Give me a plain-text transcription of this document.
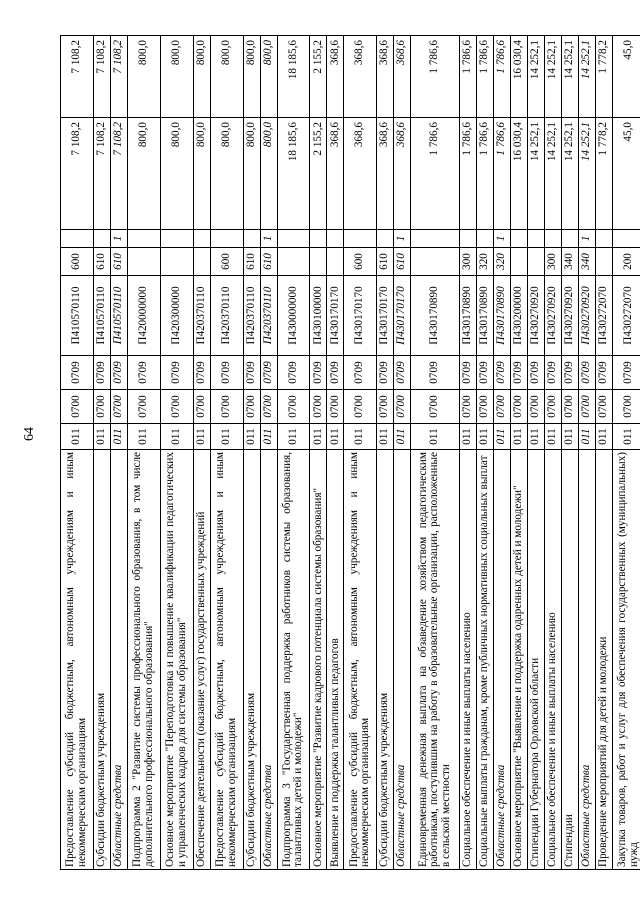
64
Предоставление субсидий бюджетным, автономным учреждениям и иным некоммерческим организациям	011	0700	0709	П410570110	600		7 108,2	7 108,2
Субсидии бюджетным учреждениям	011	0700	0709	П410570110	610		7 108,2	7 108,2
Областные средства	011	0700	0709	П410570110	610	1	7 108,2	7 108,2
Подпрограмма 2 "Развитие системы профессионального образования, в том числе дополнительного профессионального образования"	011	0700	0709	П420000000			800,0	800,0
Основное мероприятие "Переподготовка и повышение квалификации педагогических и управленческих кадров для системы образования"	011	0700	0709	П420300000			800,0	800,0
Обеспечение деятельности (оказание услуг) государственных учреждений	011	0700	0709	П420370110			800,0	800,0
Предоставление субсидий бюджетным, автономным учреждениям и иным некоммерческим организациям	011	0700	0709	П420370110	600		800,0	800,0
Субсидии бюджетным учреждениям	011	0700	0709	П420370110	610		800,0	800,0
Областные средства	011	0700	0709	П420370110	610	1	800,0	800,0
Подпрограмма 3 "Государственная поддержка работников системы образования, талантливых детей и молодежи"	011	0700	0709	П430000000			18 185,6	18 185,6
Основное мероприятие "Развитие кадрового потенциала системы образования"	011	0700	0709	П430100000			2 155,2	2 155,2
Выявление и поддержка талантливых педагогов	011	0700	0709	П430170170			368,6	368,6
Предоставление субсидий бюджетным, автономным учреждениям и иным некоммерческим организациям	011	0700	0709	П430170170	600		368,6	368,6
Субсидии бюджетным учреждениям	011	0700	0709	П430170170	610		368,6	368,6
Областные средства	011	0700	0709	П430170170	610	1	368,6	368,6
Единовременная денежная выплата на обзаведение хозяйством педагогическим работникам, поступившим на работу в образовательные организации, расположенные в сельской местности	011	0700	0709	П430170890			1 786,6	1 786,6
Социальное обеспечение и иные выплаты населению	011	0700	0709	П430170890	300		1 786,6	1 786,6
Социальные выплаты гражданам, кроме публичных нормативных социальных выплат	011	0700	0709	П430170890	320		1 786,6	1 786,6
Областные средства	011	0700	0709	П430170890	320	1	1 786,6	1 786,6
Основное мероприятие "Выявление и поддержка одаренных детей и молодежи"	011	0700	0709	П430200000			16 030,4	16 030,4
Стипендии Губернатора Орловской области	011	0700	0709	П430270920			14 252,1	14 252,1
Социальное обеспечение и иные выплаты населению	011	0700	0709	П430270920	300		14 252,1	14 252,1
Стипендии	011	0700	0709	П430270920	340		14 252,1	14 252,1
Областные средства	011	0700	0709	П430270920	340	1	14 252,1	14 252,1
Проведение мероприятий для детей и молодежи	011	0700	0709	П430272070			1 778,2	1 778,2
Закупка товаров, работ и услуг для обеспечения государственных (муниципальных) нужд	011	0700	0709	П430272070	200		45,0	45,0
